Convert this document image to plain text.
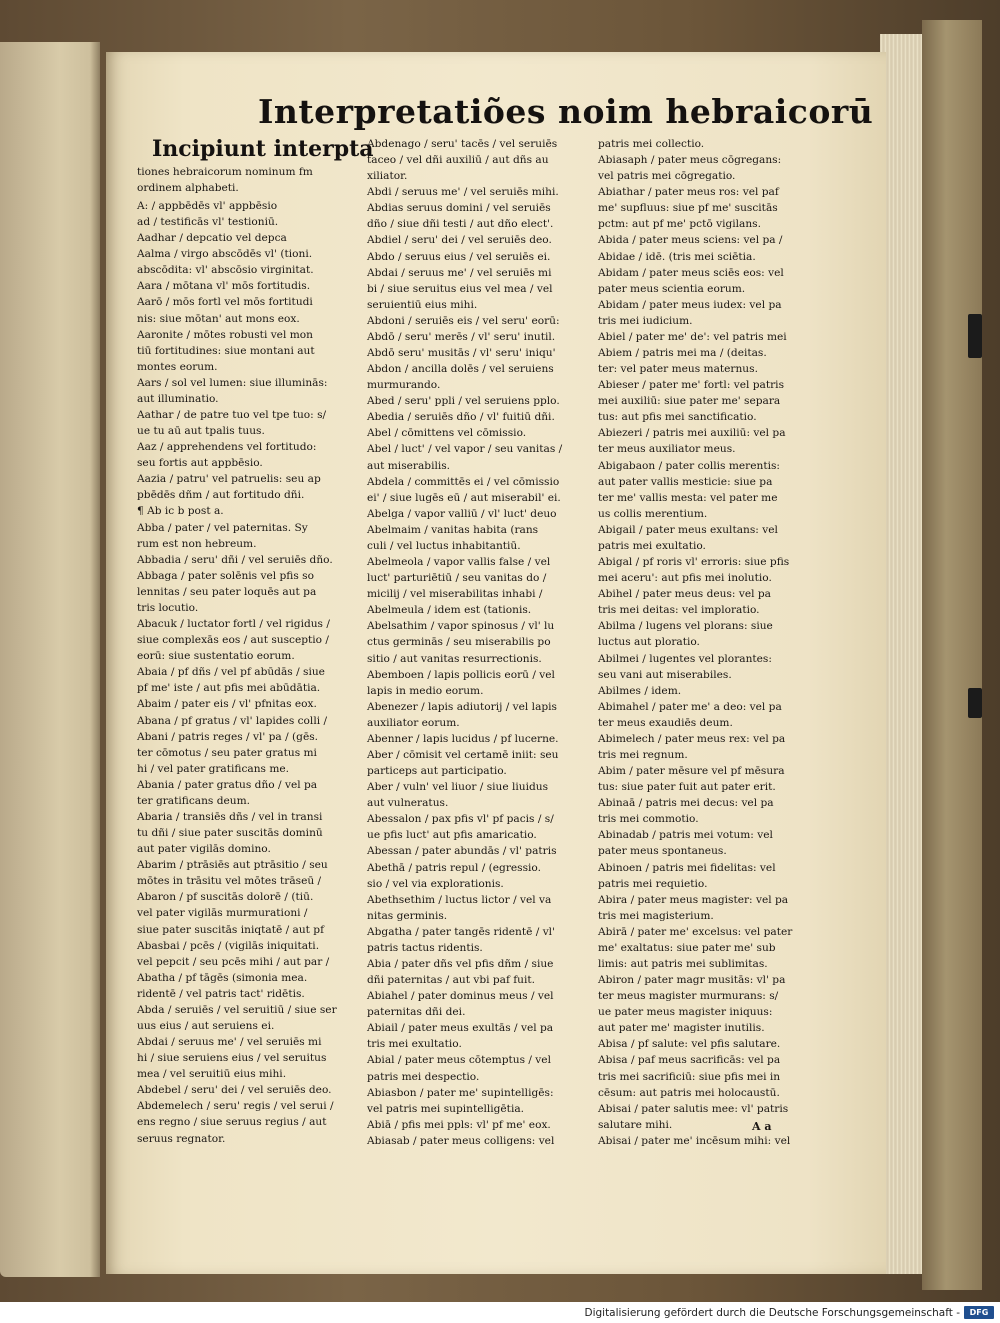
Interpretatiões noim hebraicorū
Incipiunt interpta
tiones hebraicorum nominum fm
ordinem alphabeti.
A: / appbēdēs vl' appbēsio
ad / testificās vl' testioniū.
Aadhar / depcatio vel depca
Aalma / virgo abscōdēs vl' (tioni.
abscōdita: vl' abscōsio virginitat.
Aara / mōtana vl' mōs fortitudis.
Aarō / mōs fortl vel mōs fortitudi
nis: siue mōtan' aut mons eox.
Aaronite / mōtes robusti vel mon
tiū fortitudines: siue montani aut
montes eorum.
Aars / sol vel lumen: siue illuminās:
aut illuminatio.
Aathar / de patre tuo vel tpe tuo: s/
ue tu aū aut tpalis tuus.
Aaz / apprehendens vel fortitudo:
seu fortis aut appbēsio.
Aazia / patru' vel patruelis: seu ap
pbēdēs dñm / aut fortitudo dñi.
¶ Ab ic b post a.
Abba / pater / vel paternitas. Sy
rum est non hebreum.
Abbadia / seru' dñi / vel seruiēs dño.
Abbaga / pater solēnis vel pfis so
lennitas / seu pater loquēs aut pa
tris locutio.
Abacuk / luctator fortl / vel rigidus /
siue complexās eos / aut susceptio /
eorū: siue sustentatio eorum.
Abaia / pf dñs / vel pf abūdās / siue
pf me' iste / aut pfis mei abūdātia.
Abaim / pater eis / vl' pfnitas eox.
Abana / pf gratus / vl' lapides colli /
Abani / patris reges / vl' pa / (gēs.
ter cōmotus / seu pater gratus mi
hi / vel pater gratificans me.
Abania / pater gratus dño / vel pa
ter gratificans deum.
Abaria / transiēs dñs / vel in transi
tu dñi / siue pater suscitās dominū
aut pater vigilās domino.
Abarim / ptrāsiēs aut ptrāsitio / seu
mōtes in trāsitu vel mōtes trāseū /
Abaron / pf suscitās dolorē / (tiū.
vel pater vigilās murmurationi /
siue pater suscitās iniqtatē / aut pf
Abasbai / pcēs / (vigilās iniquitati.
vel pepcit / seu pcēs mihi / aut par /
Abatha / pf tāgēs (simonia mea.
ridentē / vel patris tact' ridētis.
Abda / seruiēs / vel seruitiū / siue ser
uus eius / aut seruiens ei.
Abdai / seruus me' / vel seruiēs mi
hi / siue seruiens eius / vel seruitus
mea / vel seruitiū eius mihi.
Abdebel / seru' dei / vel seruiēs deo.
Abdemelech / seru' regis / vel serui /
ens regno / siue seruus regius / aut
seruus regnator.
Abdenago / seru' tacēs / vel seruiēs
taceo / vel dñi auxiliū / aut dñs au
xiliator.
Abdi / seruus me' / vel seruiēs mihi.
Abdias seruus domini / vel seruiēs
dño / siue dñi testi / aut dño elect'.
Abdiel / seru' dei / vel seruiēs deo.
Abdo / seruus eius / vel seruiēs ei.
Abdai / seruus me' / vel seruiēs mi
bi / siue seruitus eius vel mea / vel
seruientiū eius mihi.
Abdoni / seruiēs eis / vel seru' eorū:
Abdō / seru' merēs / vl' seru' inutil.
Abdō seru' musitās / vl' seru' iniqu'
Abdon / ancilla dolēs / vel seruiens
murmurando.
Abed / seru' ppli / vel seruiens pplo.
Abedia / seruiēs dño / vl' fuitiū dñi.
Abel / cōmittens vel cōmissio.
Abel / luct' / vel vapor / seu vanitas /
aut miserabilis.
Abdela / committēs ei / vel cōmissio
ei' / siue lugēs eū / aut miserabil' ei.
Abelga / vapor valliū / vl' luct' deuo
Abelmaim / vanitas habita (rans
culi / vel luctus inhabitantiū.
Abelmeola / vapor vallis false / vel
luct' parturiētiū / seu vanitas do /
micilij / vel miserabilitas inhabi /
Abelmeula / idem est (tationis.
Abelsathim / vapor spinosus / vl' lu
ctus germinās / seu miserabilis po
sitio / aut vanitas resurrectionis.
Abemboen / lapis pollicis eorū / vel
lapis in medio eorum.
Abenezer / lapis adiutorij / vel lapis
auxiliator eorum.
Abenner / lapis lucidus / pf lucerne.
Aber / cōmisit vel certamē iniit: seu
particeps aut participatio.
Aber / vuln' vel liuor / siue liuidus
aut vulneratus.
Abessalon / pax pfis vl' pf pacis / s/
ue pfis luct' aut pfis amaricatio.
Abessan / pater abundās / vl' patris
Abethā / patris repul / (egressio.
sio / vel via explorationis.
Abethsethim / luctus lictor / vel va
nitas germinis.
Abgatha / pater tangēs ridentē / vl'
patris tactus ridentis.
Abia / pater dñs vel pfis dñm / siue
dñi paternitas / aut vbi paf fuit.
Abiahel / pater dominus meus / vel
paternitas dñi dei.
Abiail / pater meus exultās / vel pa
tris mei exultatio.
Abial / pater meus cōtemptus / vel
patris mei despectio.
Abiasbon / pater me' supintelligēs:
vel patris mei supintelligētia.
Abiā / pfis mei ppls: vl' pf me' eox.
Abiasab / pater meus colligens: vel
patris mei collectio.
Abiasaph / pater meus cōgregans:
vel patris mei cōgregatio.
Abiathar / pater meus ros: vel paf
me' supfluus: siue pf me' suscitās
pctm: aut pf me' pctō vigilans.
Abida / pater meus sciens: vel pa /
Abidae / idē. (tris mei sciētia.
Abidam / pater meus sciēs eos: vel
pater meus scientia eorum.
Abidam / pater meus iudex: vel pa
tris mei iudicium.
Abiel / pater me' de': vel patris mei
Abiem / patris mei ma / (deitas.
ter: vel pater meus maternus.
Abieser / pater me' fortl: vel patris
mei auxiliū: siue pater me' separa
tus: aut pfis mei sanctificatio.
Abiezeri / patris mei auxiliū: vel pa
ter meus auxiliator meus.
Abigabaon / pater collis merentis:
aut pater vallis mesticie: siue pa
ter me' vallis mesta: vel pater me
us collis merentium.
Abigail / pater meus exultans: vel
patris mei exultatio.
Abigal / pf roris vl' erroris: siue pfis
mei aceru': aut pfis mei inolutio.
Abihel / pater meus deus: vel pa
tris mei deitas: vel imploratio.
Abilma / lugens vel plorans: siue
luctus aut ploratio.
Abilmei / lugentes vel plorantes:
seu vani aut miserabiles.
Abilmes / idem.
Abimahel / pater me' a deo: vel pa
ter meus exaudiēs deum.
Abimelech / pater meus rex: vel pa
tris mei regnum.
Abim / pater mēsure vel pf mēsura
tus: siue pater fuit aut pater erit.
Abinaā / patris mei decus: vel pa
tris mei commotio.
Abinadab / patris mei votum: vel
pater meus spontaneus.
Abinoen / patris mei fidelitas: vel
patris mei requietio.
Abira / pater meus magister: vel pa
tris mei magisterium.
Abirā / pater me' excelsus: vel pater
me' exaltatus: siue pater me' sub
limis: aut patris mei sublimitas.
Abiron / pater magr musitās: vl' pa
ter meus magister murmurans: s/
ue pater meus magister iniquus:
aut pater me' magister inutilis.
Abisa / pf salute: vel pfis salutare.
Abisa / paf meus sacrificās: vel pa
tris mei sacrificiū: siue pfis mei in
cēsum: aut patris mei holocaustū.
Abisai / pater salutis mee: vl' patris
salutare mihi.
Abisai / pater me' incēsum mihi: vel
A a
Digitalisierung gefördert durch die Deutsche Forschungsgemeinschaft -	DFG
